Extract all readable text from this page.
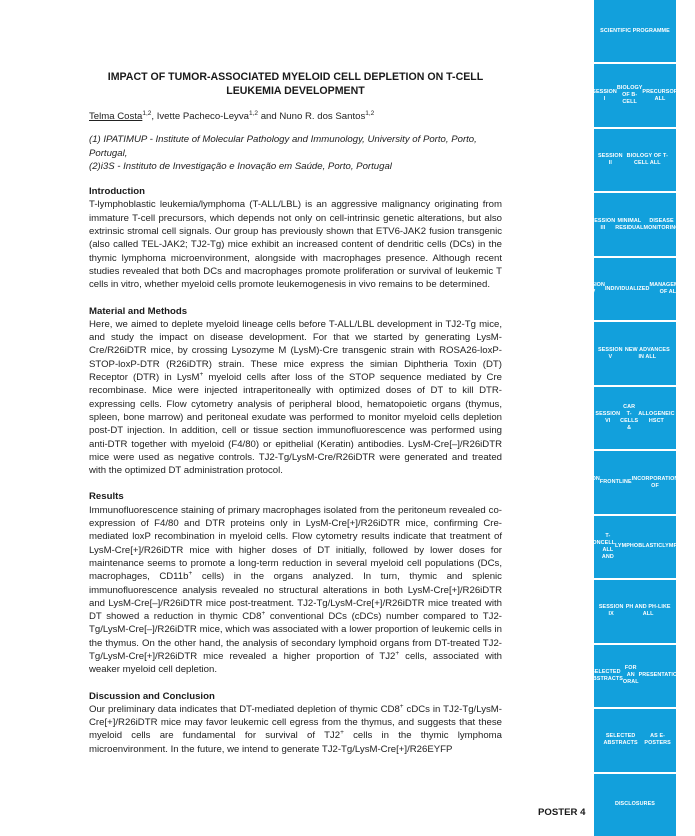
IMPACT OF TUMOR-ASSOCIATED MYELOID CELL DEPLETION ON T-CELL LEUKEMIA DEVELOPMENT

Telma Costa$^{1,2}$, Ivette Pacheco-Leyva$^{1,2}$ and Nuno R. dos Santos$^{1,2}$

(1) IPATIMUP - Institute of Molecular Pathology and Immunology, University of Porto, Porto, Portugal,
(2)i3S - Instituto de Investigação e Inovação em Saúde, Porto, Portugal

Introduction

T-lymphoblastic leukemia/lymphoma (T-ALL/LBL) is an aggressive malignancy originating from immature T-cell precursors, which depends not only on cell-intrinsic genetic alterations, but also extrinsic stromal cell signals. Our group has previously shown that ETV6-JAK2 fusion transgenic (also called TEL-JAK2; TJ2-Tg) mice exhibit an increased content of dendritic cells (DCs) in the thymic lymphoma microenvironment, alongside with macrophages presence. Although recent studies revealed that both DCs and macrophages promote proliferation or survival of leukemic T cells in vitro, whether myeloid cells promote leukemogenesis in vivo remains to be determined.

Material and Methods

Here, we aimed to deplete myeloid lineage cells before T-ALL/LBL development in TJ2-Tg mice, and study the impact on disease development. For that we started by generating LysM-Cre/R26iDTR mice, by crossing Lysozyme M (LysM)-Cre transgenic strain with ROSA26-loxP-STOP-loxP-DTR (R26iDTR) strain. These mice express the simian Diphtheria Toxin (DT) Receptor (DTR) in LysM+ myeloid cells after loss of the STOP sequence mediated by Cre recombinase. Mice were injected intraperitoneally with optimized doses of DT to kill DTR-expressing cells. Flow cytometry analysis of peripheral blood, hematopoietic organs (thymus, spleen, bone marrow) and peritoneal exudate was performed to monitor myeloid cells depletion post-DT injection. In addition, cell or tissue section immunofluorescence was performed using anti-DTR together with myeloid (F4/80) or epithelial (Keratin) antibodies. LysM-Cre[–]/R26iDTR mice were used as negative controls. TJ2-Tg/LysM-Cre/R26iDTR were generated and treated with the optimized DT administration protocol.

Results

Immunofluorescence staining of primary macrophages isolated from the peritoneum revealed co-expression of F4/80 and DTR proteins only in LysM-Cre[+]/R26iDTR mice, confirming Cre-mediated loxP recombination in myeloid cells. Flow cytometry results indicate that treatment of LysM-Cre[+]/R26iDTR mice with higher doses of DT initially, followed by lower doses for maintenance seems to promote a long-term reduction in several myeloid cell populations (DCs, macrophages, CD11b+ cells) in the organs analyzed. In turn, thymic and splenic immunofluorescence analysis revealed no structural alterations in both LysM-Cre[+]/R26iDTR and LysM-Cre[–]/R26iDTR mice post-treatment. TJ2-Tg/LysM-Cre[+]/R26iDTR mice treated with DT showed a reduction in thymic CD8+ conventional DCs (cDCs) number compared to TJ2-Tg/LysM-Cre[–]/R26iDTR mice, which was associated with a lower proportion of leukemic cells in the thymus. On the other hand, the analysis of secondary lymphoid organs from DT-treated TJ2-Tg/LysM-Cre[+]/R26iDTR mice revealed a higher proportion of TJ2+ cells, associated with weaker myeloid cell depletion.

Discussion and Conclusion

Our preliminary data indicates that DT-mediated depletion of thymic CD8+ cDCs in TJ2-Tg/LysM-Cre[+]/R26iDTR mice may favor leukemic cell egress from the thymus, and suggests that these myeloid cells are fundamental for survival of TJ2+ cells in the thymic lymphoma microenvironment. In the future, we intend to generate TJ2-Tg/LysM-Cre[+]/R26EYFP

POSTER 4
SCIENTIFIC PROGRAMME
SESSION I
BIOLOGY OF B-CELL
PRECURSOR ALL
SESSION II
BIOLOGY OF T-CELL ALL
SESSION III
MINIMAL RESIDUAL
DISEASE MONITORING
SESSION IV
INDIVIDUALIZED
MANAGEMENT OF ALL
SESSION V
NEW ADVANCES IN ALL
SESSION VI
CAR T-CELLS &
ALLOGENEIC HSCT
SESSION VII
FRONTLINE
INCORPORATION OF
BITES AND ADCS
SESSION VIII
T-CELL ALL AND
LYMPHOBLASTIC LYMPHOMA
SESSION IX
PH AND PH-LIKE ALL
SELECTED ABSTRACTS
FOR AN ORAL
PRESENTATION
SELECTED ABSTRACTS
AS E-POSTERS
DISCLOSURES
